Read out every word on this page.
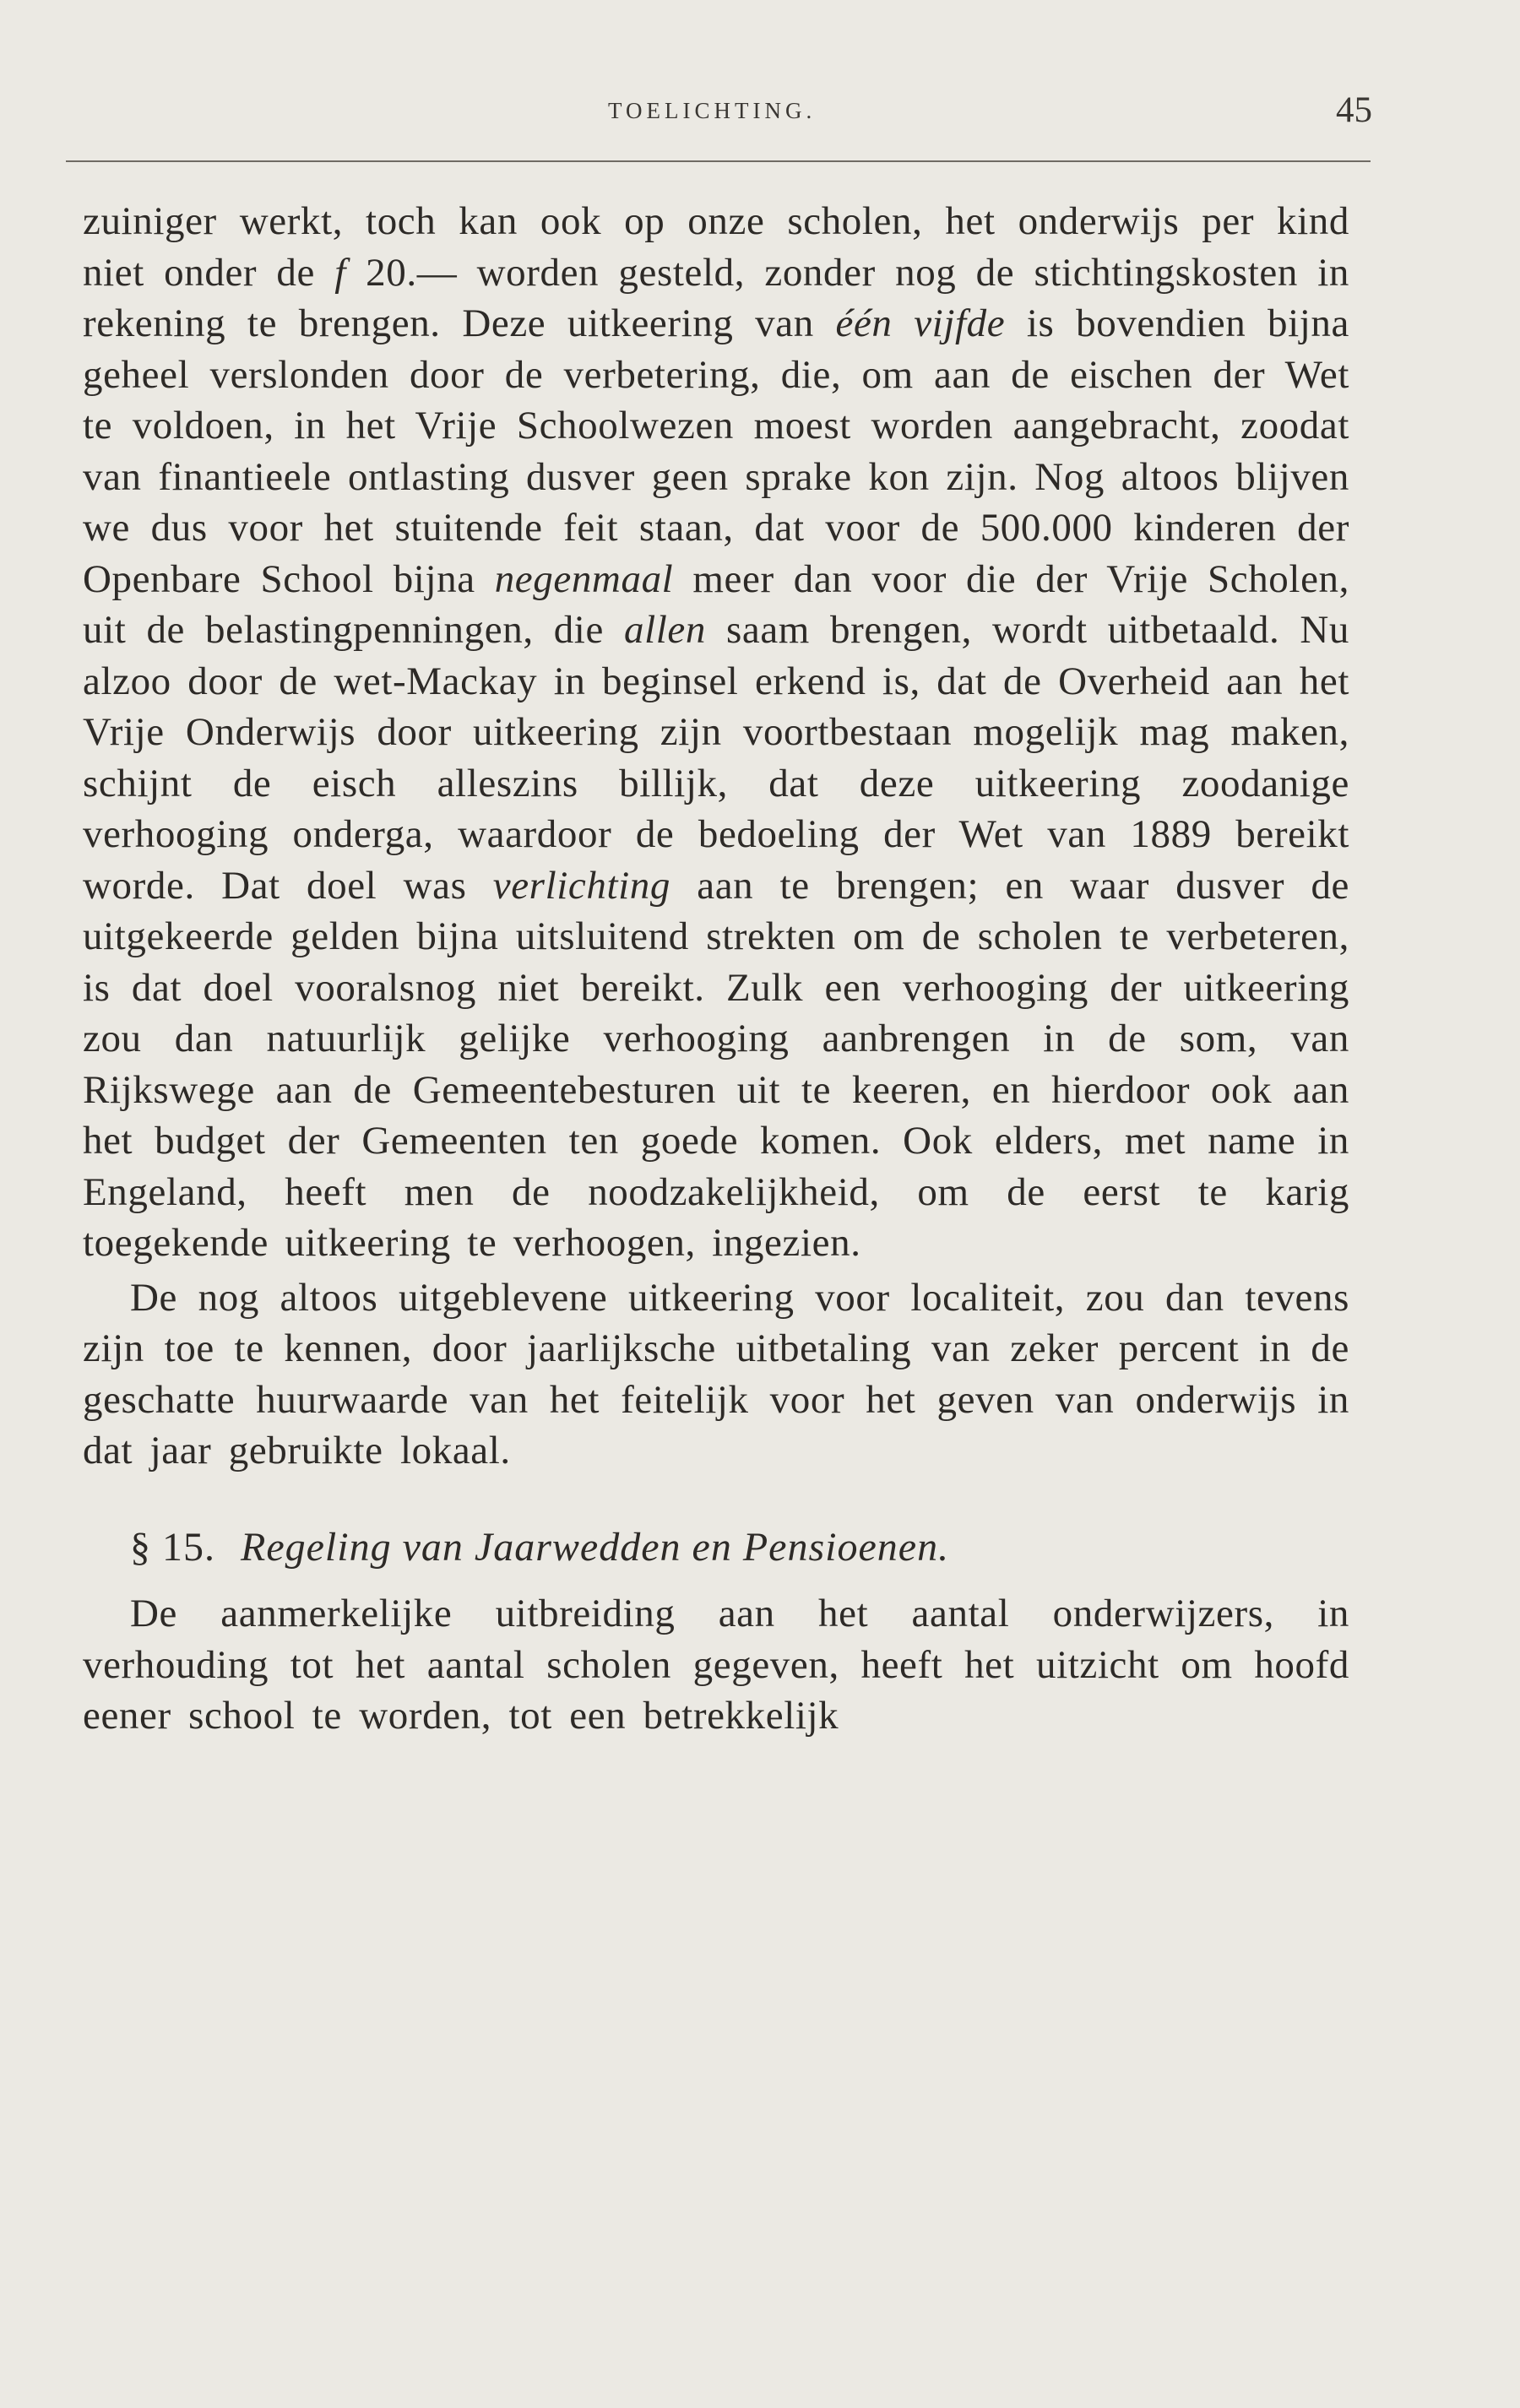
TOELICHTING.	45

zuiniger werkt, toch kan ook op onze scholen, het onderwijs per kind niet onder de f 20.— worden gesteld, zonder nog de stichtingskosten in rekening te brengen. Deze uitkeering van één vijfde is bovendien bijna geheel verslonden door de verbetering, die, om aan de eischen der Wet te voldoen, in het Vrije Schoolwezen moest worden aangebracht, zoodat van finantieele ontlasting dusver geen sprake kon zijn. Nog altoos blijven we dus voor het stuitende feit staan, dat voor de 500.000 kinderen der Openbare School bijna negenmaal meer dan voor die der Vrije Scholen, uit de belastingpenningen, die allen saam brengen, wordt uitbetaald. Nu alzoo door de wet-Mackay in beginsel erkend is, dat de Overheid aan het Vrije Onderwijs door uitkeering zijn voortbestaan mogelijk mag maken, schijnt de eisch alleszins billijk, dat deze uitkeering zoodanige verhooging onderga, waardoor de bedoeling der Wet van 1889 bereikt worde. Dat doel was verlichting aan te brengen; en waar dusver de uitgekeerde gelden bijna uitsluitend strekten om de scholen te verbeteren, is dat doel vooralsnog niet bereikt. Zulk een verhooging der uitkeering zou dan natuurlijk gelijke verhooging aanbrengen in de som, van Rijkswege aan de Gemeentebesturen uit te keeren, en hierdoor ook aan het budget der Gemeenten ten goede komen. Ook elders, met name in Engeland, heeft men de noodzakelijkheid, om de eerst te karig toegekende uitkeering te verhoogen, ingezien.

De nog altoos uitgeblevene uitkeering voor localiteit, zou dan tevens zijn toe te kennen, door jaarlijksche uitbetaling van zeker percent in de geschatte huurwaarde van het feitelijk voor het geven van onderwijs in dat jaar gebruikte lokaal.

§ 15. Regeling van Jaarwedden en Pensioenen.

De aanmerkelijke uitbreiding aan het aantal onderwijzers, in verhouding tot het aantal scholen gegeven, heeft het uitzicht om hoofd eener school te worden, tot een betrekkelijk
